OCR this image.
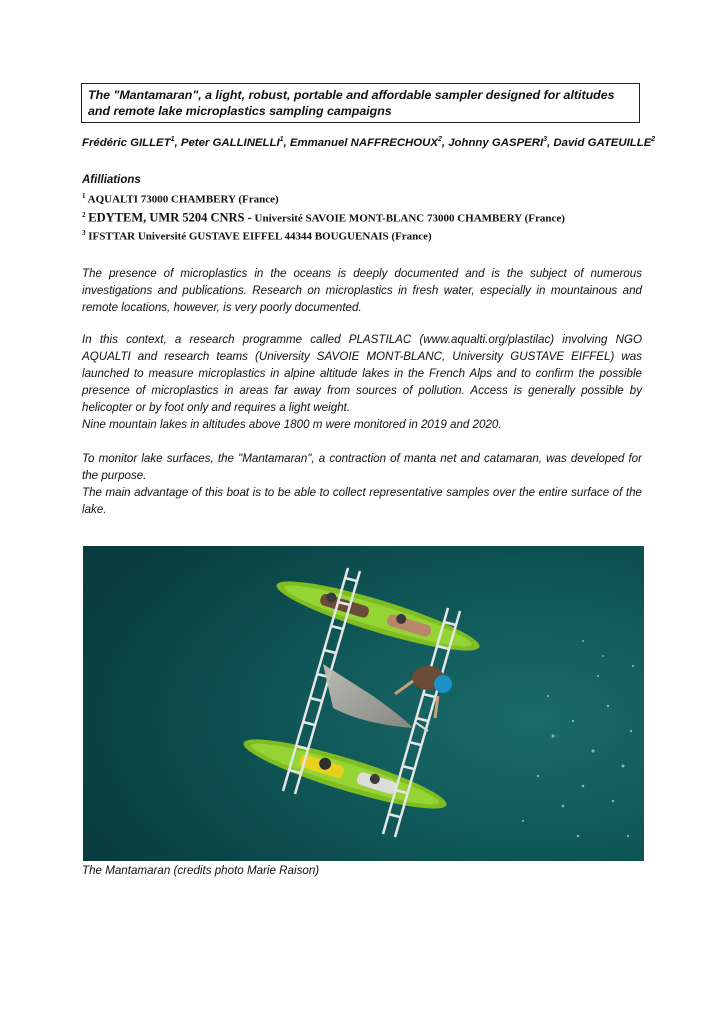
The "Mantamaran", a light, robust, portable and affordable sampler designed for altitudes and remote lake microplastics sampling campaigns
Frédéric GILLET$^1$, Peter GALLINELLI$^1$, Emmanuel NAFFRECHOUX$^2$, Johnny GASPERI$^3$, David GATEUILLE$^2$
Afilliations
$^1$ AQUALTI 73000 CHAMBERY (France)
$^2$ EDYTEM, UMR 5204 CNRS - Université SAVOIE MONT-BLANC 73000 CHAMBERY (France)
$^3$ IFSTTAR Université GUSTAVE EIFFEL 44344 BOUGUENAIS (France)

The presence of microplastics in the oceans is deeply documented and is the subject of numerous investigations and publications. Research on microplastics in fresh water, especially in mountainous and remote locations, however, is very poorly documented.

In this context, a research programme called PLASTILAC (www.aqualti.org/plastilac) involving NGO AQUALTI and research teams (University SAVOIE MONT-BLANC, University GUSTAVE EIFFEL) was launched to measure microplastics in alpine altitude lakes in the French Alps and to confirm the possible presence of microplastics in areas far away from sources of pollution. Access is generally possible by helicopter or by foot only and requires a light weight.

Nine mountain lakes in altitudes above 1800 m were monitored in 2019 and 2020.

To monitor lake surfaces, the "Mantamaran", a contraction of manta net and catamaran, was developed for the purpose.

The main advantage of this boat is to be able to collect representative samples over the entire surface of the lake.

The Mantamaran (credits photo Marie Raison)
